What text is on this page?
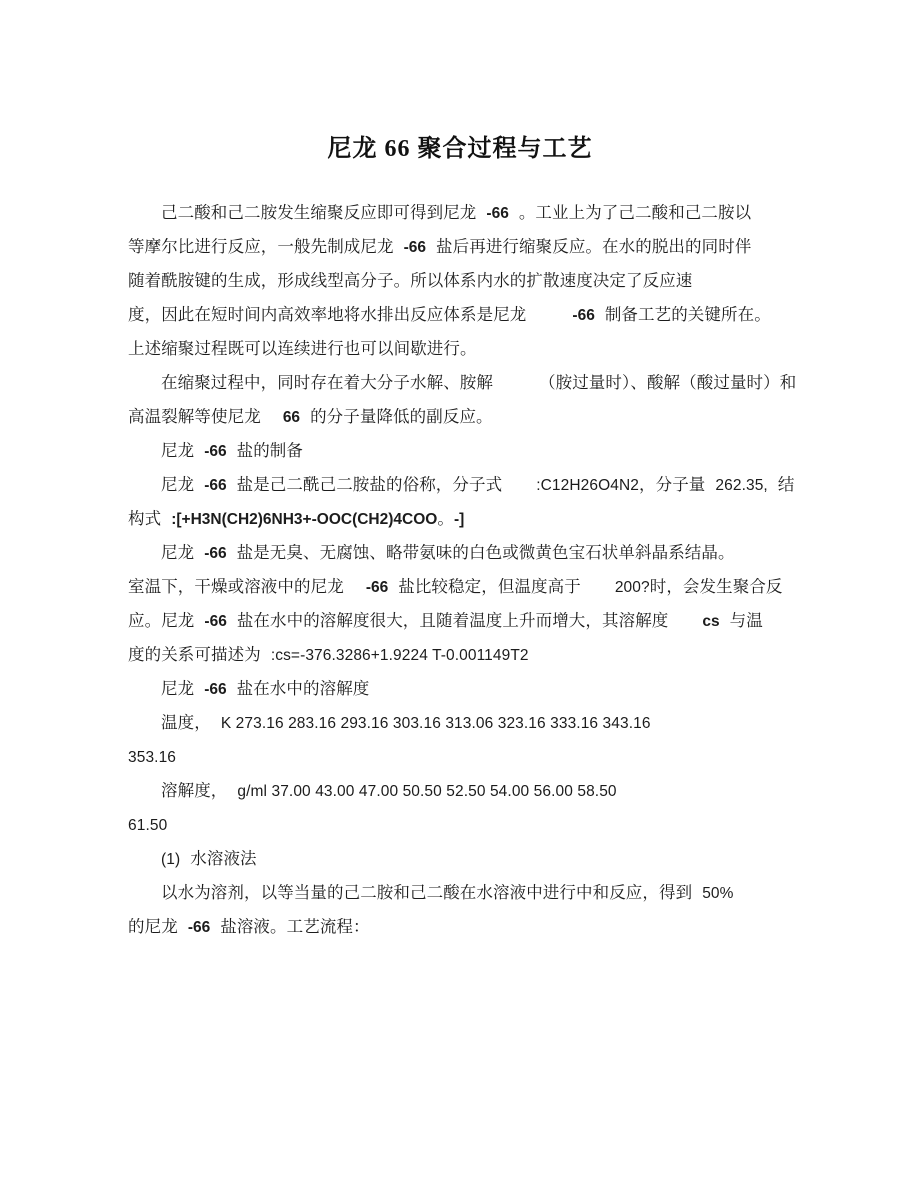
尼龙 66 聚合过程与工艺
己二酸和己二胺发生缩聚反应即可得到尼龙 -66 。工业上为了己二酸和己二胺以
等摩尔比进行反应，一般先制成尼龙 -66 盐后再进行缩聚反应。在水的脱出的同时伴
随着酰胺键的生成，形成线型高分子。所以体系内水的扩散速度决定了反应速
度，因此在短时间内高效率地将水排出反应体系是尼龙	-66 制备工艺的关键所在。
上述缩聚过程既可以连续进行也可以间歇进行。
在缩聚过程中，同时存在着大分子水解、胺解	（胺过量时）、酸解（酸过量时）和
高温裂解等使尼龙 66 的分子量降低的副反应。
尼龙 -66 盐的制备
尼龙 -66 盐是己二酰己二胺盐的俗称，分子式 :C12H26O4N2，分子量 262.35, 结
构式 :[+H3N(CH2)6NH3+-OOC(CH2)4COO。-]
尼龙 -66 盐是无臭、无腐蚀、略带氨味的白色或微黄色宝石状单斜晶系结晶。
室温下，干燥或溶液中的尼龙 -66 盐比较稳定，但温度高于 200?时，会发生聚合反
应。尼龙 -66 盐在水中的溶解度很大，且随着温度上升而增大，其溶解度 cs 与温
度的关系可描述为 :cs=-376.3286+1.9224 T-0.001149T2
尼龙 -66 盐在水中的溶解度
温度， K 273.16 283.16 293.16 303.16 313.06 323.16 333.16 343.16
353.16
溶解度， g/ml 37.00 43.00 47.00 50.50 52.50 54.00 56.00 58.50
61.50
(1) 水溶液法
以水为溶剂，以等当量的己二胺和己二酸在水溶液中进行中和反应，得到 50%
的尼龙 -66 盐溶液。工艺流程：
